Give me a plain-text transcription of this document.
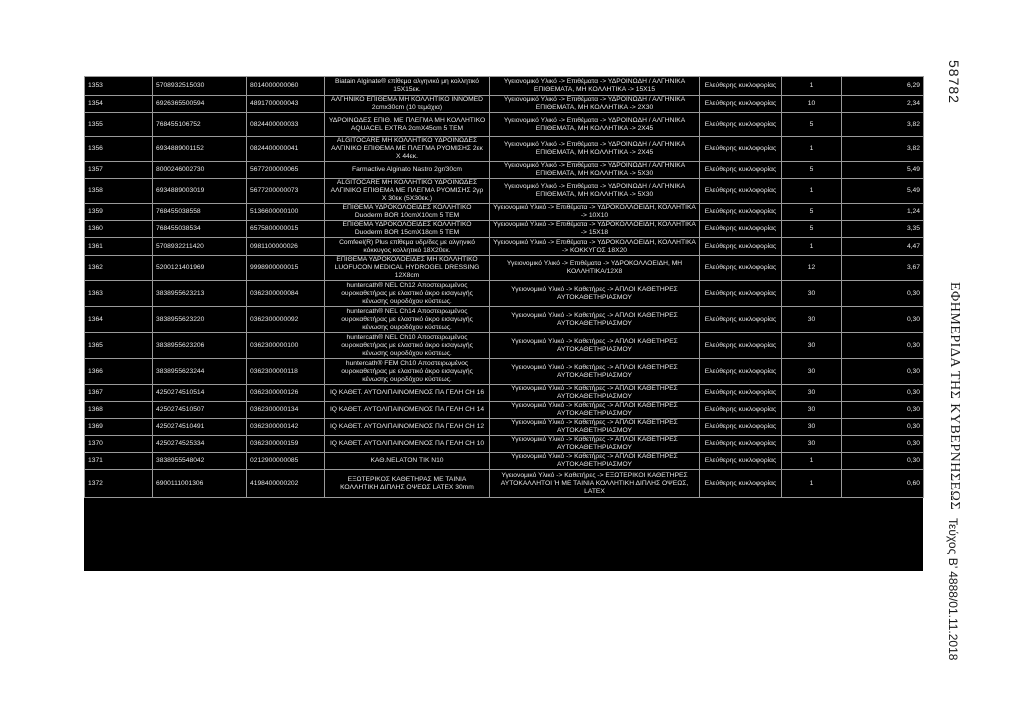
1353	5708932515030	8014000000060	Biatain Alginate® επίθεμα αλγηνικό μη κολλητικό 15Χ15εκ.	Υγειονομικό Υλικό -> Επιθέματα -> ΥΔΡΟΙΝΩΔΗ / ΑΛΓΗΝΙΚΑ ΕΠΙΘΕΜΑΤΑ, ΜΗ ΚΟΛΛΗΤΙΚΑ -> 15X15	Ελεύθερης κυκλοφορίας	1	6,29
1354	6926365500594	4891700000043	ΑΛΓΗΝΙΚΟ ΕΠΙΘΕΜΑ ΜΗ ΚΟΛΛΗΤΙΚΟ INNOMED 2cmx30cm (10 τεμάχια)	Υγειονομικό Υλικό -> Επιθέματα -> ΥΔΡΟΙΝΩΔΗ / ΑΛΓΗΝΙΚΑ ΕΠΙΘΕΜΑΤΑ, ΜΗ ΚΟΛΛΗΤΙΚΑ -> 2Χ30	Ελεύθερης κυκλοφορίας	10	2,34
1355	768455106752	0824400000033	ΥΔΡΟΙΝΩΔΕΣ ΕΠΙΘ. ΜΕ ΠΛΕΓΜΑ ΜΗ ΚΟΛΛΗΤΙΚΟ AQUACEL EXTRA 2cmX45cm 5 TEM	Υγειονομικό Υλικό -> Επιθέματα -> ΥΔΡΟΙΝΩΔΗ / ΑΛΓΗΝΙΚΑ ΕΠΙΘΕΜΑΤΑ, ΜΗ ΚΟΛΛΗΤΙΚΑ -> 2X45	Ελεύθερης κυκλοφορίας	5	3,82
1356	6934889001152	0824400000041	ALGITOCARE ΜΗ ΚΟΛΛΗΤΙΚΟ ΥΔΡΟΙΝΩΔΕΣ ΑΛΓΙΝΙΚΟ ΕΠΙΘΕΜΑ ΜΕ ΠΛΕΓΜΑ ΡΥΟΜΙΣΗΣ 2εκ X 44εκ.	Υγειονομικό Υλικό -> Επιθέματα -> ΥΔΡΟΙΝΩΔΗ / ΑΛΓΗΝΙΚΑ ΕΠΙΘΕΜΑΤΑ, ΜΗ ΚΟΛΛΗΤΙΚΑ -> 2X45	Ελεύθερης κυκλοφορίας	1	3,82
1357	8000246002730	5677200000065	Farmactive Alginato Nastro 2gr/30cm	Υγειονομικό Υλικό -> Επιθέματα -> ΥΔΡΟΙΝΩΔΗ / ΑΛΓΗΝΙΚΑ ΕΠΙΘΕΜΑΤΑ, ΜΗ ΚΟΛΛΗΤΙΚΑ -> 5X30	Ελεύθερης κυκλοφορίας	5	5,49
1358	6934889003019	5677200000073	ALGITOCARE ΜΗ ΚΟΛΛΗΤΙΚΟ ΥΔΡΟΙΝΩΔΕΣ ΑΛΓΙΝΙΚΟ ΕΠΙΘΕΜΑ ΜΕ ΠΛΕΓΜΑ ΡΥΟΜΙΣΗΣ 2γρ X 30εκ (5X30εκ.)	Υγειονομικό Υλικό -> Επιθέματα -> ΥΔΡΟΙΝΩΔΗ / ΑΛΓΗΝΙΚΑ ΕΠΙΘΕΜΑΤΑ, ΜΗ ΚΟΛΛΗΤΙΚΑ -> 5X30	Ελεύθερης κυκλοφορίας	1	5,49
1359	768455038558	5136600000100	ΕΠΙΘΕΜΑ ΥΔΡΟΚΟΛΟΕΙΔΕΣ ΚΟΛΛΗΤΙΚΟ Duoderm BOR 10cmX10cm 5 TEM	Υγειονομικό Υλικό -> Επιθέματα -> ΥΔΡΟΚΟΛΛΟΕΙΔΗ, ΚΟΛΛΗΤΙΚΑ -> 10X10	Ελεύθερης κυκλοφορίας	5	1,24
1360	768455038534	6575800000015	ΕΠΙΘΕΜΑ ΥΔΡΟΚΟΛΟΕΙΔΕΣ ΚΟΛΛΗΤΙΚΟ Duoderm BOR 15cmX18cm 5 TEM	Υγειονομικό Υλικό -> Επιθέματα -> ΥΔΡΟΚΟΛΛΟΕΙΔΗ, ΚΟΛΛΗΤΙΚΑ -> 15X18	Ελεύθερης κυκλοφορίας	5	3,35
1361	5708932211420	0981100000026	Comfeel(R) Plus επίθεμα υδρ/δες με αλγηνικό κόκκυγος κολλητικό 18Χ20εκ.	Υγειονομικό Υλικό -> Επιθέματα -> ΥΔΡΟΚΟΛΛΟΕΙΔΗ, ΚΟΛΛΗΤΙΚΑ -> ΚΟΚΚΥΓΟΣ 18Χ20	Ελεύθερης κυκλοφορίας	1	4,47
1362	5200121401969	9998900000015	ΕΠΙΘΕΜΑ ΥΔΡΟΚΟΛΟΕΙΔΕΣ ΜΗ ΚΟΛΛΗΤΙΚΟ LUOFUCON MEDICAL HYDROGEL DRESSING 12X8cm	Υγειονομικό Υλικό -> Επιθέματα -> ΥΔΡΟΚΟΛΛΟΕΙΔΗ, ΜΗ ΚΟΛΛΗΤΙΚΑ/12X8	Ελεύθερης κυκλοφορίας	12	3,67
1363	3838955623213	0362300000084	huntercath® NEL Ch12 Αποστειρωμένος ουροκαθετήρας με ελαστικό άκρο εισαγωγής κένωσης ουροδόχου κύστεως.	Υγειονομικό Υλικό -> Καθετήρες -> ΑΠΛΟΙ ΚΑΘΕΤΗΡΕΣ ΑΥΤΟΚΑΘΕΤΗΡΙΑΣΜΟΥ	Ελεύθερης κυκλοφορίας	30	0,30
1364	3838955623220	0362300000092	huntercath® NEL Ch14 Αποστειρωμένος ουροκαθετήρας με ελαστικό άκρο εισαγωγής κένωσης ουροδόχου κύστεως.	Υγειονομικό Υλικό -> Καθετήρες -> ΑΠΛΟΙ ΚΑΘΕΤΗΡΕΣ ΑΥΤΟΚΑΘΕΤΗΡΙΑΣΜΟΥ	Ελεύθερης κυκλοφορίας	30	0,30
1365	3838955623206	0362300000100	huntercath® NEL Ch10 Αποστειρωμένος ουροκαθετήρας με ελαστικό άκρο εισαγωγής κένωσης ουροδόχου κύστεως.	Υγειονομικό Υλικό -> Καθετήρες -> ΑΠΛΟΙ ΚΑΘΕΤΗΡΕΣ ΑΥΤΟΚΑΘΕΤΗΡΙΑΣΜΟΥ	Ελεύθερης κυκλοφορίας	30	0,30
1366	3838955623244	0362300000118	huntercath® FEM Ch10 Αποστειρωμένος ουροκαθετήρας με ελαστικό άκρο εισαγωγής κένωσης ουροδόχου κύστεως.	Υγειονομικό Υλικό -> Καθετήρες -> ΑΠΛΟΙ ΚΑΘΕΤΗΡΕΣ ΑΥΤΟΚΑΘΕΤΗΡΙΑΣΜΟΥ	Ελεύθερης κυκλοφορίας	30	0,30
1367	4250274510514	0362300000126	IQ ΚΑΘΕΤ. ΑΥΤΟΛΙΠΑΙΝΟΜΕΝΟΣ ΠΑ ΓΕΛΗ CH 16	Υγειονομικό Υλικό -> Καθετήρες -> ΑΠΛΟΙ ΚΑΘΕΤΗΡΕΣ ΑΥΤΟΚΑΘΕΤΗΡΙΑΣΜΟΥ	Ελεύθερης κυκλοφορίας	30	0,30
1368	4250274510507	0362300000134	IQ ΚΑΘΕΤ. ΑΥΤΟΛΙΠΑΙΝΟΜΕΝΟΣ ΠΑ ΓΕΛΗ CH 14	Υγειονομικό Υλικό -> Καθετήρες -> ΑΠΛΟΙ ΚΑΘΕΤΗΡΕΣ ΑΥΤΟΚΑΘΕΤΗΡΙΑΣΜΟΥ	Ελεύθερης κυκλοφορίας	30	0,30
1369	4250274510491	0362300000142	IQ ΚΑΘΕΤ. ΑΥΤΟΛΙΠΑΙΝΟΜΕΝΟΣ ΠΑ ΓΕΛΗ CH 12	Υγειονομικό Υλικό -> Καθετήρες -> ΑΠΛΟΙ ΚΑΘΕΤΗΡΕΣ ΑΥΤΟΚΑΘΕΤΗΡΙΑΣΜΟΥ	Ελεύθερης κυκλοφορίας	30	0,30
1370	4250274525334	0362300000159	IQ ΚΑΘΕΤ. ΑΥΤΟΛΙΠΑΙΝΟΜΕΝΟΣ ΠΑ ΓΕΛΗ CH 10	Υγειονομικό Υλικό -> Καθετήρες -> ΑΠΛΟΙ ΚΑΘΕΤΗΡΕΣ ΑΥΤΟΚΑΘΕΤΗΡΙΑΣΜΟΥ	Ελεύθερης κυκλοφορίας	30	0,30
1371	3838955548042	0212900000085	ΚΑΘ.NELATON TIK N10	Υγειονομικό Υλικό -> Καθετήρες -> ΑΠΛΟΙ ΚΑΘΕΤΗΡΕΣ ΑΥΤΟΚΑΘΕΤΗΡΙΑΣΜΟΥ	Ελεύθερης κυκλοφορίας	1	0,30
1372	6900111001306	4198400000202	ΕΞΩΤΕΡΙΚΟΣ ΚΑΘΕΤΗΡΑΣ ΜΕ ΤΑΙΝΙΑ ΚΟΛΛΗΤΙΚΗ ΔΙΠΛΗΣ ΟΨΕΩΣ LATEX 30mm	Υγειονομικό Υλικό -> Καθετήρες -> ΕΞΩΤΕΡΙΚΟΙ ΚΑΘΕΤΗΡΕΣ ΑΥΤΟΚΑΛΛΗΤΟΙ Ή ΜΕ ΤΑΙΝΙΑ ΚΟΛΛΗΤΙΚΗ ΔΙΠΛΗΣ ΟΨΕΩΣ, LATEX	Ελεύθερης κυκλοφορίας	1	0,60
58782
ΕΦΗΜΕΡΙΔΑ ΤΗΣ ΚΥΒΕΡΝΗΣΕΩΣ
Τεύχος Β’ 4888/01.11.2018
